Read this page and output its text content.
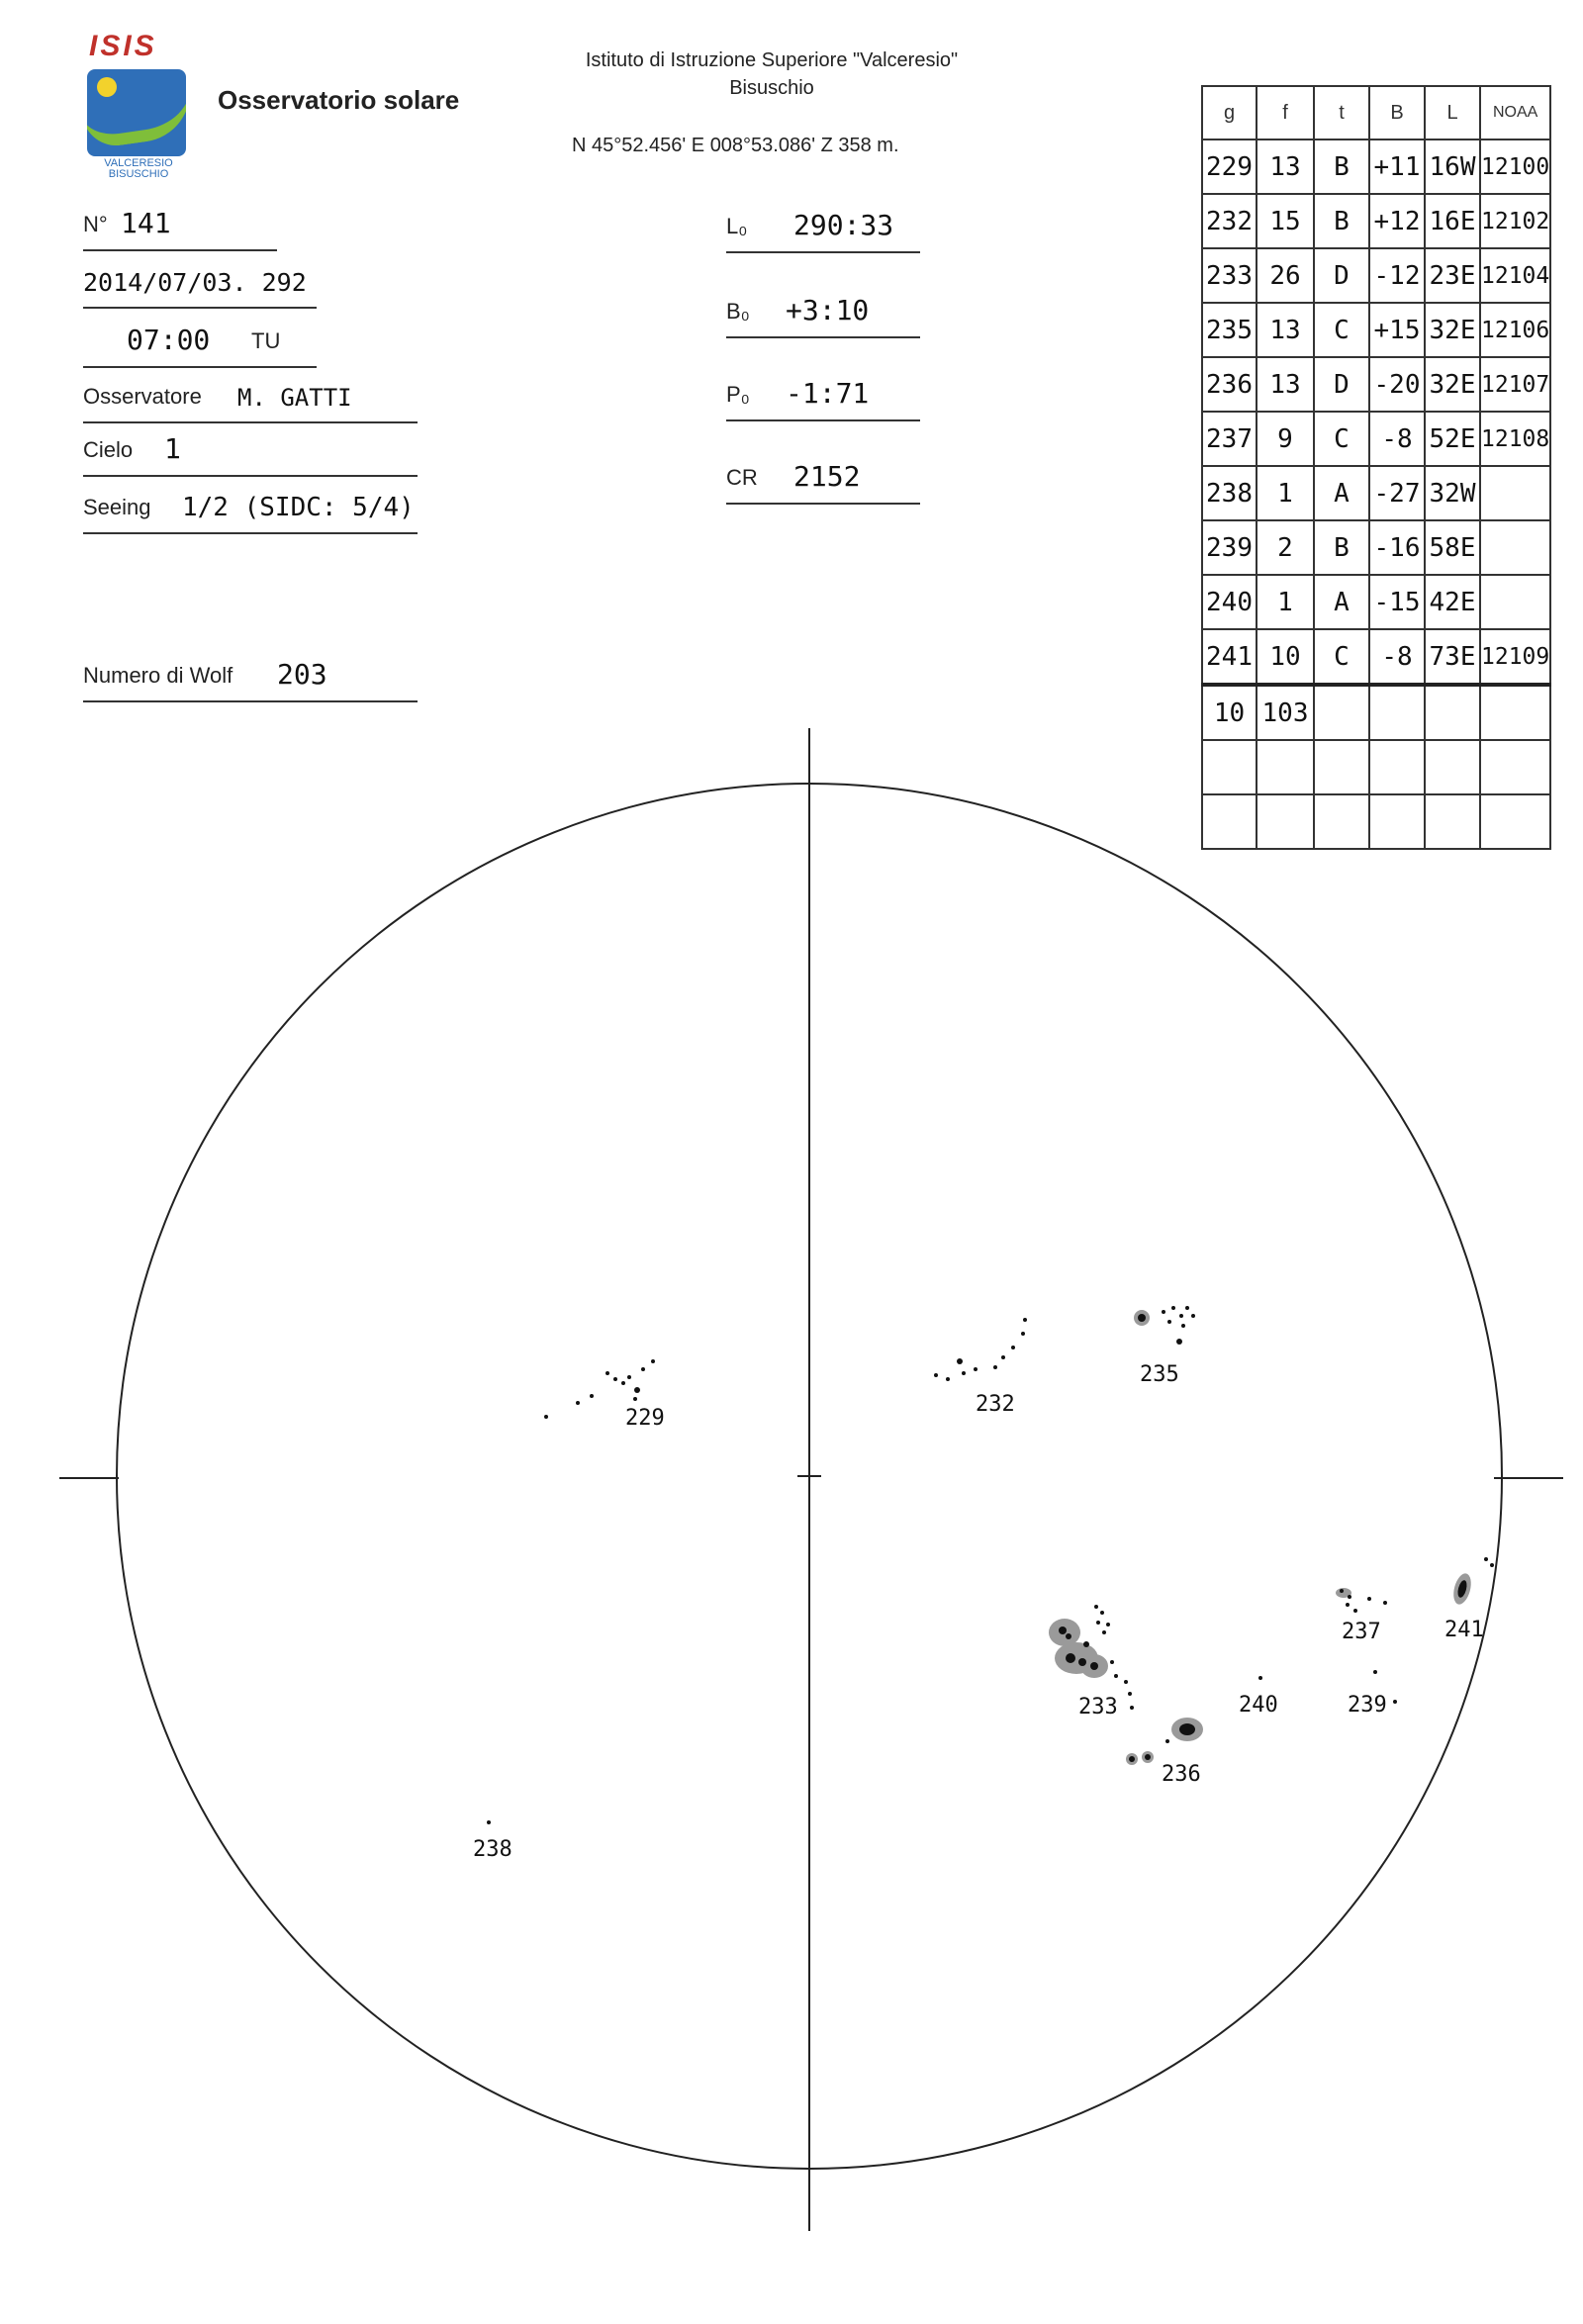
ISIS
VALCERESIO
BISUSCHIO
Osservatorio solare
Istituto di Istruzione Superiore "Valceresio"
Bisuschio
N 45°52.456' E 008°53.086' Z 358 m.
N° 141
2014/07/03. 292
07:00 TU
Osservatore M. GATTI
Cielo 1
Seeing 1/2 (SIDC: 5/4)
Numero di Wolf 203
L₀ 290:33
B₀ +3:10
P₀ -1:71
CR 2152
g	f	t	B	L	NOAA
229	13	B	+11	16W	12100
232	15	B	+12	16E	12102
233	26	D	-12	23E	12104
235	13	C	+15	32E	12106
236	13	D	-20	32E	12107
237	9	C	-8	52E	12108
238	1	A	-27	32W	
239	2	B	-16	58E	
240	1	A	-15	42E	
241	10	C	-8	73E	12109
10	103				

229
232
235
233	240	239
237	241
236
238
